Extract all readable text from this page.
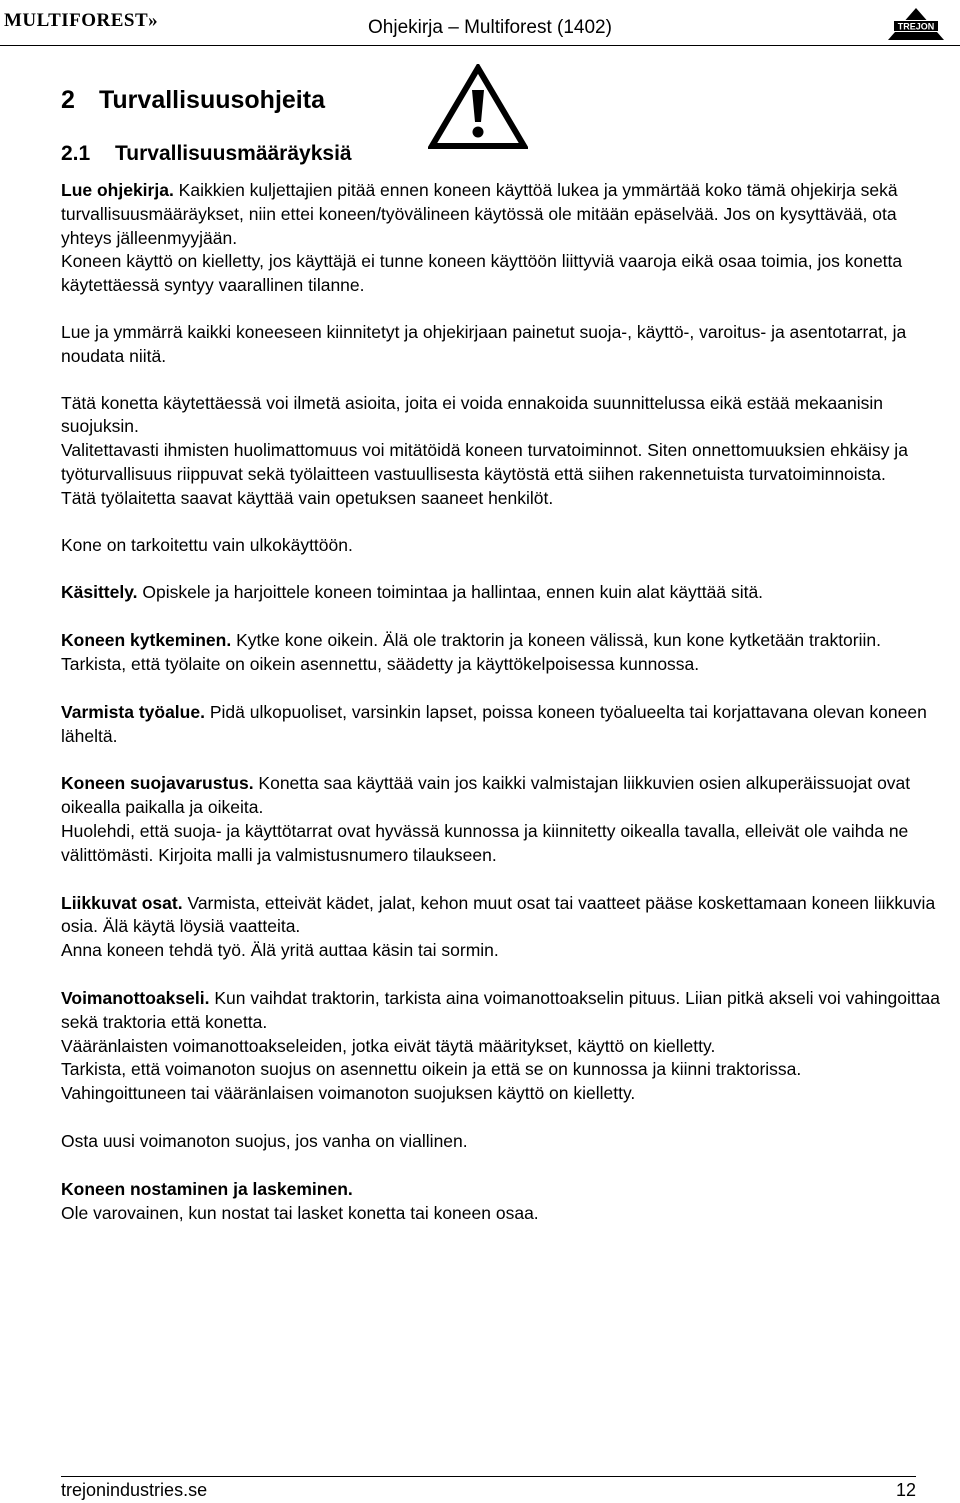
MULTIFOREST»	Ohjekirja – Multiforest (1402)	TREJON
2 Turvallisuusohjeita
2.1 Turvallisuusmääräyksiä

Lue ohjekirja. Kaikkien kuljettajien pitää ennen koneen käyttöä lukea ja ymmärtää koko tämä ohjekirja sekä turvallisuusmääräykset, niin ettei koneen/työvälineen käytössä ole mitään epäselvää. Jos on kysyttävää, ota yhteys jälleenmyyjään.

Koneen käyttö on kielletty, jos käyttäjä ei tunne koneen käyttöön liittyviä vaaroja eikä osaa toimia, jos konetta käytettäessä syntyy vaarallinen tilanne.

Lue ja ymmärrä kaikki koneeseen kiinnitetyt ja ohjekirjaan painetut suoja-, käyttö-, varoitus- ja asentotarrat, ja noudata niitä.

Tätä konetta käytettäessä voi ilmetä asioita, joita ei voida ennakoida suunnittelussa eikä estää mekaanisin suojuksin.

Valitettavasti ihmisten huolimattomuus voi mitätöidä koneen turvatoiminnot. Siten onnettomuuksien ehkäisy ja työturvallisuus riippuvat sekä työlaitteen vastuullisesta käytöstä että siihen rakennetuista turvatoiminnoista.

Tätä työlaitetta saavat käyttää vain opetuksen saaneet henkilöt.

Kone on tarkoitettu vain ulkokäyttöön.

Käsittely. Opiskele ja harjoittele koneen toimintaa ja hallintaa, ennen kuin alat käyttää sitä.

Koneen kytkeminen. Kytke kone oikein. Älä ole traktorin ja koneen välissä, kun kone kytketään traktoriin.

Tarkista, että työlaite on oikein asennettu, säädetty ja käyttökelpoisessa kunnossa.

Varmista työalue. Pidä ulkopuoliset, varsinkin lapset, poissa koneen työalueelta tai korjattavana olevan koneen läheltä.

Koneen suojavarustus. Konetta saa käyttää vain jos kaikki valmistajan liikkuvien osien alkuperäissuojat ovat oikealla paikalla ja oikeita.

Huolehdi, että suoja- ja käyttötarrat ovat hyvässä kunnossa ja kiinnitetty oikealla tavalla, elleivät ole vaihda ne välittömästi. Kirjoita malli ja valmistusnumero tilaukseen.

Liikkuvat osat. Varmista, etteivät kädet, jalat, kehon muut osat tai vaatteet pääse koskettamaan koneen liikkuvia osia. Älä käytä löysiä vaatteita.

Anna koneen tehdä työ. Älä yritä auttaa käsin tai sormin.

Voimanottoakseli. Kun vaihdat traktorin, tarkista aina voimanottoakselin pituus. Liian pitkä akseli voi vahingoittaa sekä traktoria että konetta.

Vääränlaisten voimanottoakseleiden, jotka eivät täytä määritykset, käyttö on kielletty.

Tarkista, että voimanoton suojus on asennettu oikein ja että se on kunnossa ja kiinni traktorissa.

Vahingoittuneen tai vääränlaisen voimanoton suojuksen käyttö on kielletty.

Osta uusi voimanoton suojus, jos vanha on viallinen.

Koneen nostaminen ja laskeminen.

Ole varovainen, kun nostat tai lasket konetta tai koneen osaa.

trejonindustries.se	12
